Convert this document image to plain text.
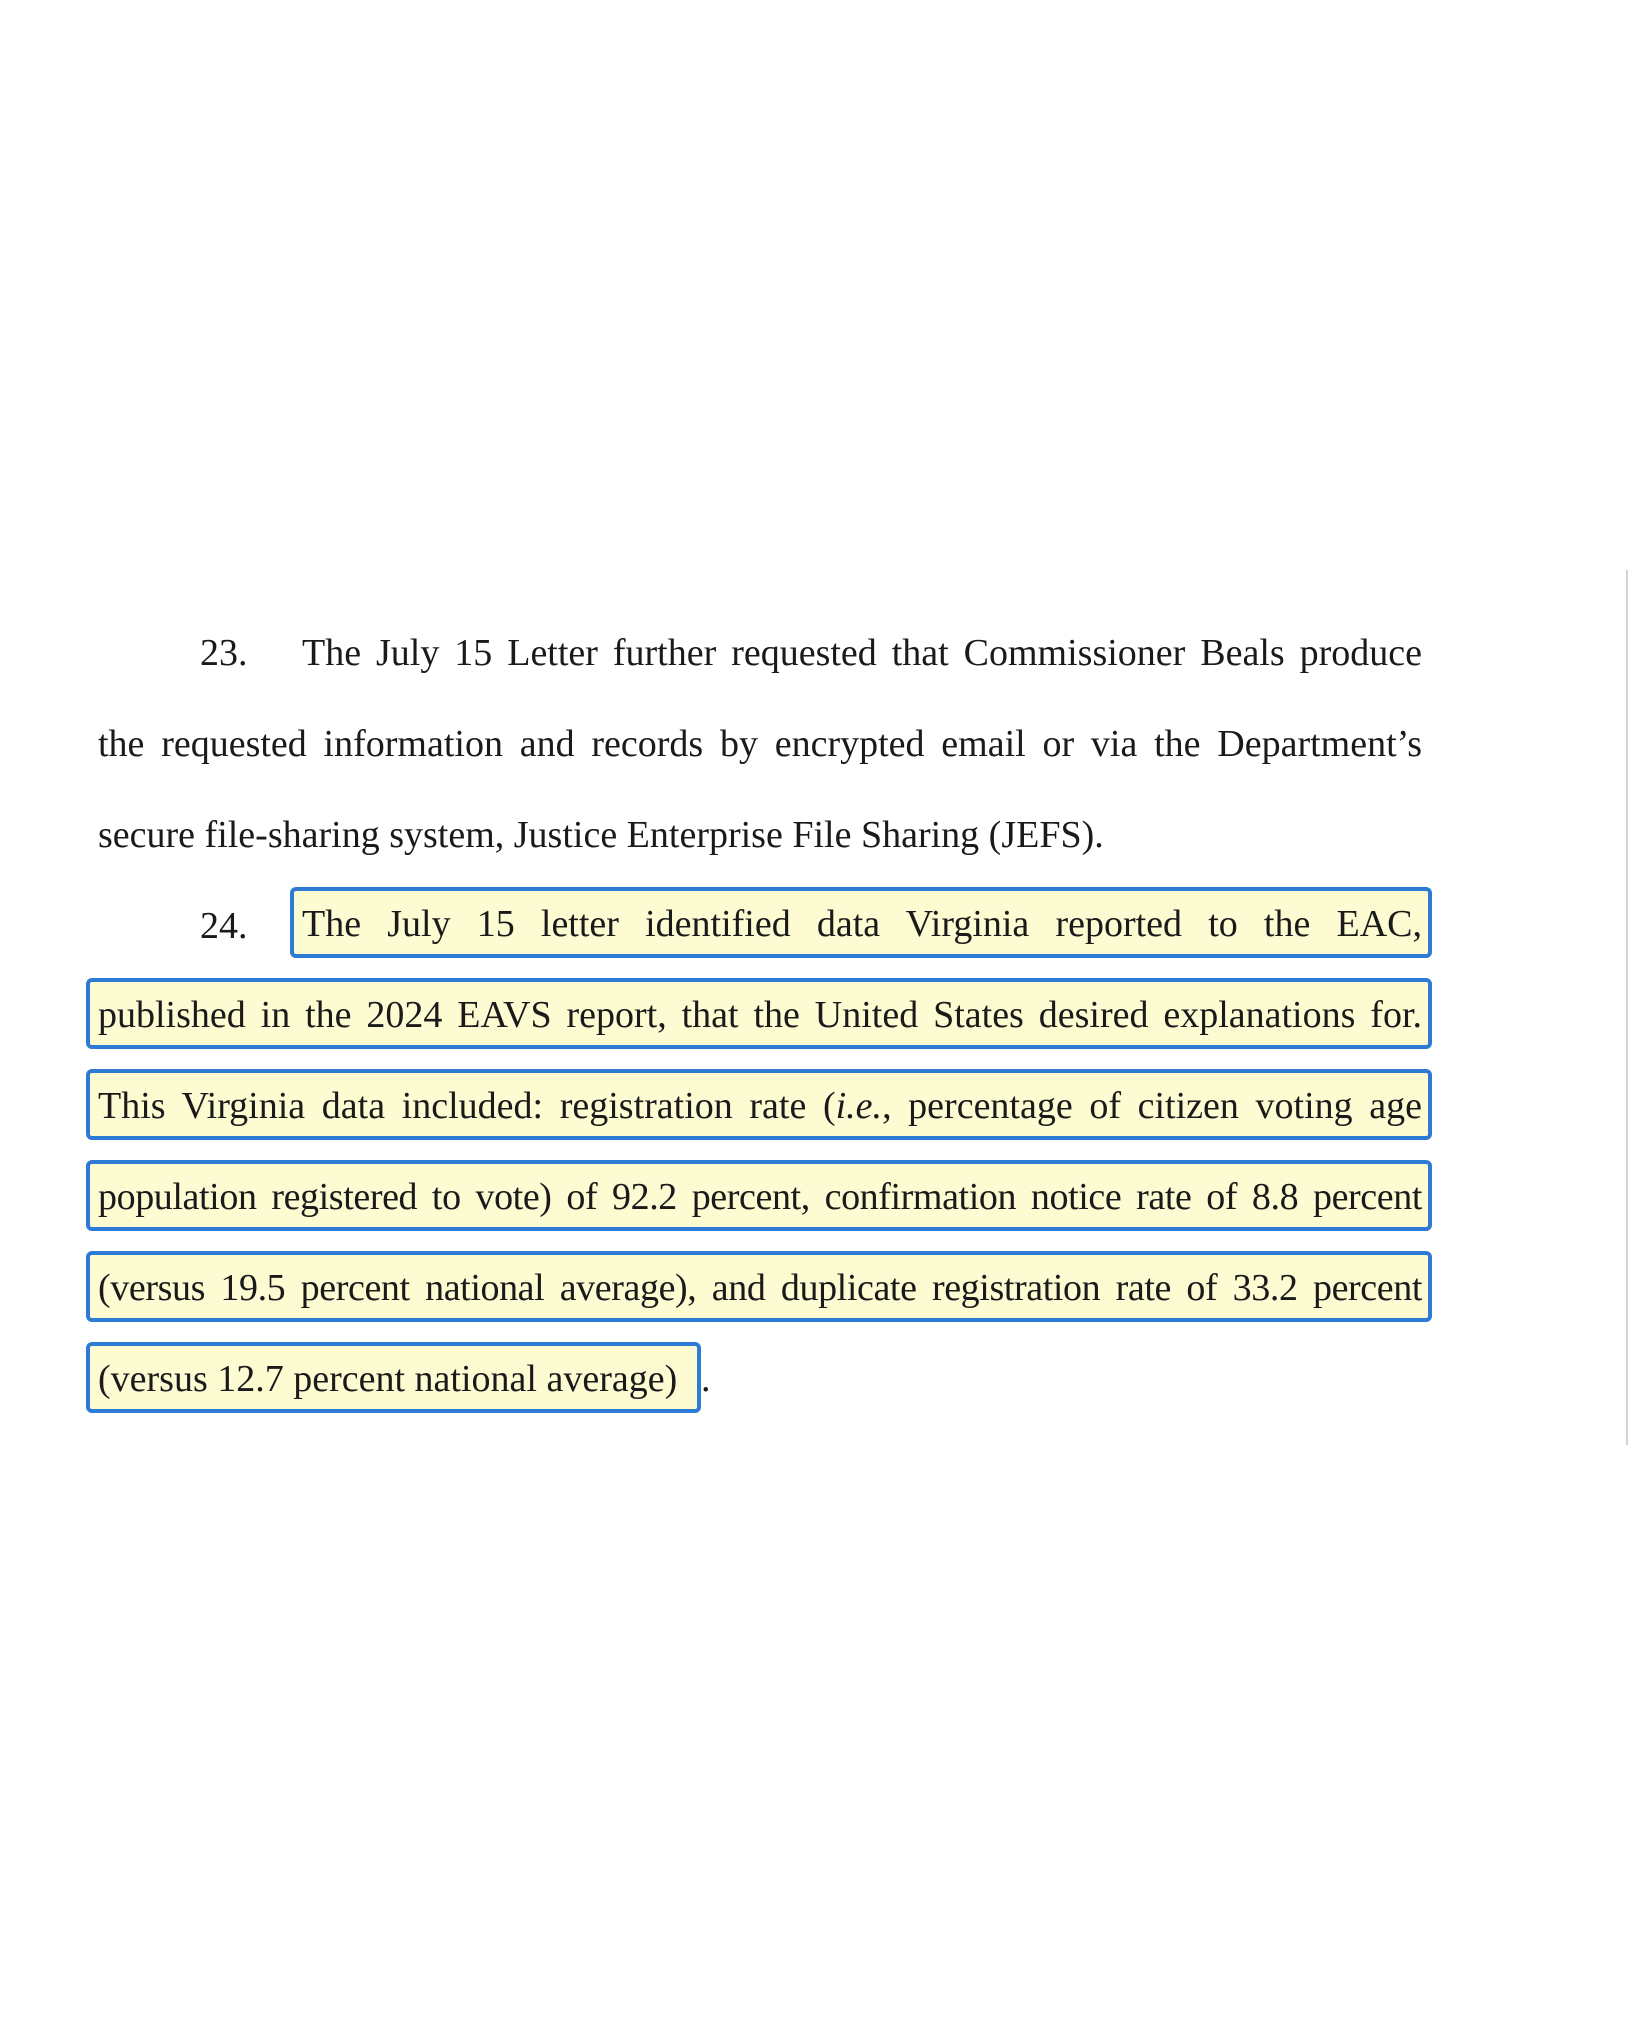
23. The July 15 Letter further requested that Commissioner Beals produce
the requested information and records by encrypted email or via the Department’s
secure file-sharing system, Justice Enterprise File Sharing (JEFS).
24. The July 15 letter identified data Virginia reported to the EAC,
published in the 2024 EAVS report, that the United States desired explanations for.
This Virginia data included: registration rate (i.e., percentage of citizen voting age
population registered to vote) of 92.2 percent, confirmation notice rate of 8.8 percent
(versus 19.5 percent national average), and duplicate registration rate of 33.2 percent
(versus 12.7 percent national average) .
